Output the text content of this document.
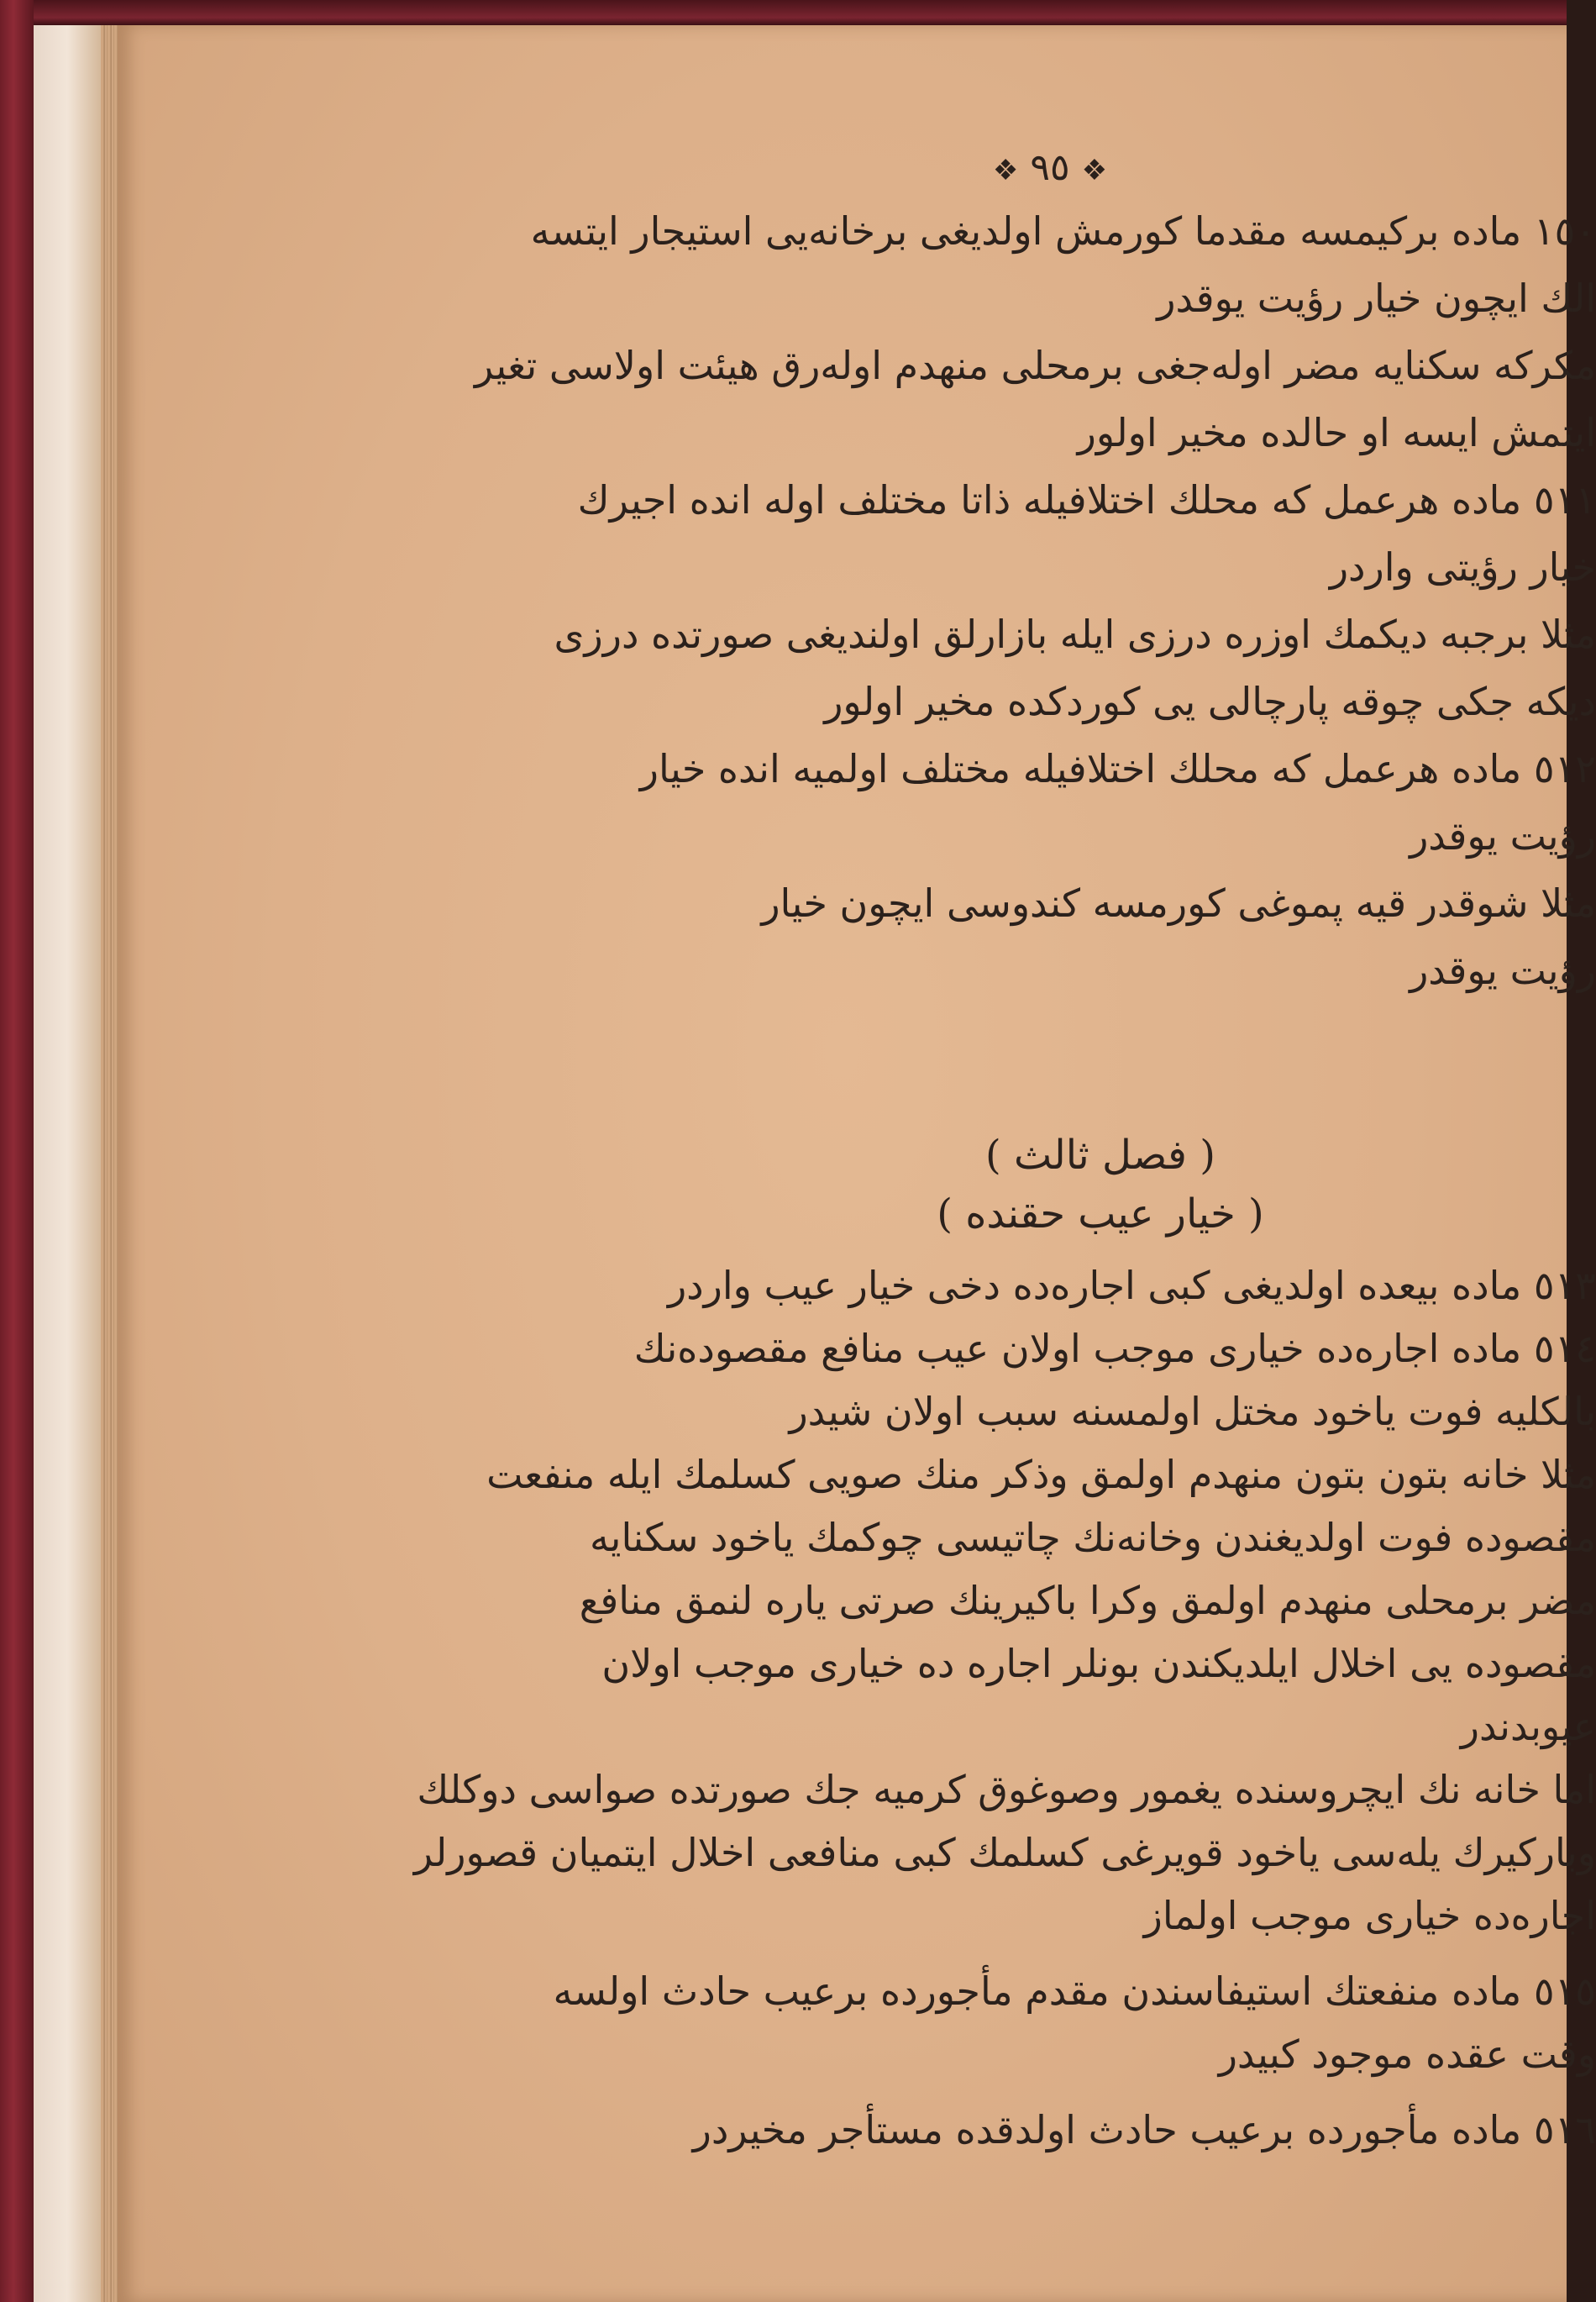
❖ ٩٥ ❖
١٥٠ ماده بركيمسه مقدما كورمش اولديغى برخانه‌يى استيجار ايتسه
الك ايچون خيار رؤيت يوقدر
مكركه سكنايه مضر اوله‌جغى برمحلى منهدم اوله‌رق هيئت اولاسى تغير
ايتمش ايسه او حالده مخير اولور
٥١١ ماده هرعمل كه محلك اختلافيله ذاتا مختلف اوله انده اجيرك
خيار رؤيتى واردر
مثلا برجبه ديكمك اوزره درزى ايله بازارلق اولنديغى صورتده درزى
ديكه جكى چوقه پارچالى يى كوردكده مخير اولور
٥١٢ ماده هرعمل كه محلك اختلافيله مختلف اولميه انده خيار
رؤيت يوقدر
مثلا شوقدر قيه پموغى كورمسه كندوسى ايچون خيار
رؤيت يوقدر
( فصل ثالث )
( خيار عيب حقنده )
٥١٣ ماده بيعده اولديغى كبى اجاره‌ده دخى خيار عيب واردر
٥١٤ ماده اجاره‌ده خيارى موجب اولان عيب منافع مقصوده‌نك
بالكليه فوت ياخود مختل اولمسنه سبب اولان شيدر
مثلا خانه بتون بتون منهدم اولمق وذكر منك صويى كسلمك ايله منفعت
مقصوده فوت اولديغندن وخانه‌نك چاتيسى چوكمك ياخود سكنايه
مضر برمحلى منهدم اولمق وكرا باكيرينك صرتى ياره لنمق منافع
مقصوده يى اخلال ايلديكندن بونلر اجاره ده خيارى موجب اولان
عيوبدندر
اما خانه نك ايچروسنده يغمور وصوغوق كرميه جك صورتده صواسى دوكلك
وباركيرك يله‌سى ياخود قويرغى كسلمك كبى منافعى اخلال ايتميان قصورلر
اجاره‌ده خيارى موجب اولماز
٥١٥ ماده منفعتك استيفاسندن مقدم مأجورده برعيب حادث اولسه
وقت عقده موجود كبيدر
٥١٦ ماده مأجورده برعيب حادث اولدقده مستأجر مخيردر
